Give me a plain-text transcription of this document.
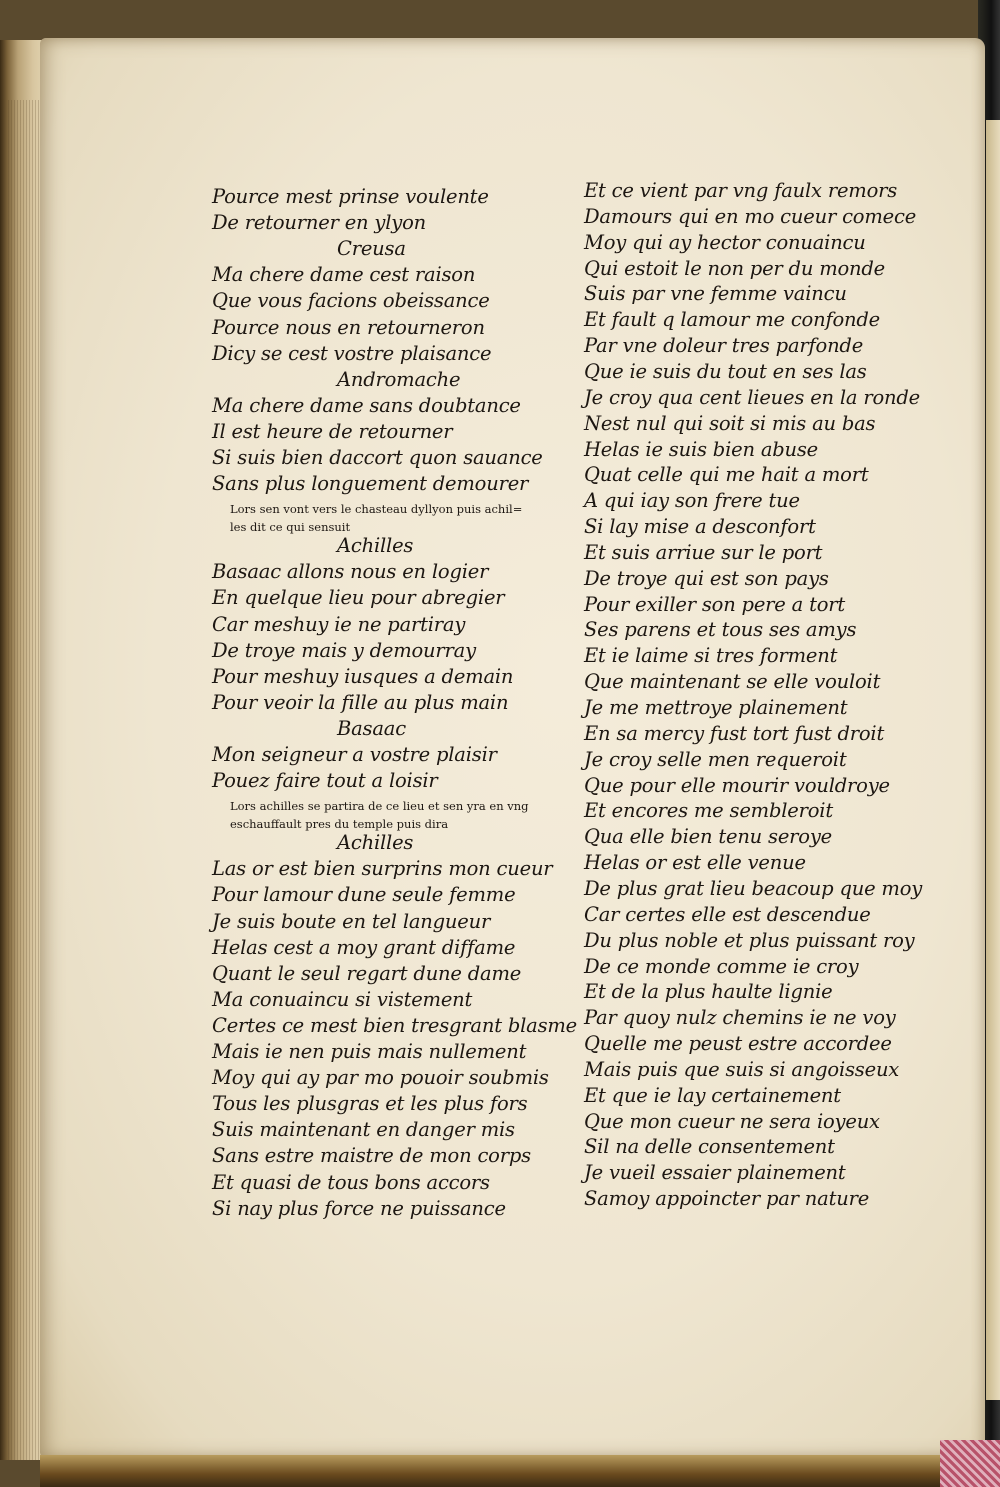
Pource mest prinse voulente
De retourner en ylyon
Creusa
Ma chere dame cest raison
Que vous facions obeissance
Pource nous en retourneron
Dicy se cest vostre plaisance
Andromache
Ma chere dame sans doubtance
Il est heure de retourner
Si suis bien daccort quon sauance
Sans plus longuement demourer
Lors sen vont vers le chasteau dyllyon puis achil=
les dit ce qui sensuit
Achilles
Basaac allons nous en logier
En quelque lieu pour abregier
Car meshuy ie ne partiray
De troye mais y demourray
Pour meshuy iusques a demain
Pour veoir la fille au plus main
Basaac
Mon seigneur a vostre plaisir
Pouez faire tout a loisir
Lors achilles se partira de ce lieu et sen yra en vng
eschauffault pres du temple puis dira
Achilles
Las or est bien surprins mon cueur
Pour lamour dune seule femme
Je suis boute en tel langueur
Helas cest a moy grant diffame
Quant le seul regart dune dame
Ma conuaincu si vistement
Certes ce mest bien tresgrant blasme
Mais ie nen puis mais nullement
Moy qui ay par mo pouoir soubmis
Tous les plusgras et les plus fors
Suis maintenant en danger mis
Sans estre maistre de mon corps
Et quasi de tous bons accors
Si nay plus force ne puissance
Et ce vient par vng faulx remors
Damours qui en mo cueur comece
Moy qui ay hector conuaincu
Qui estoit le non per du monde
Suis par vne femme vaincu
Et fault q lamour me confonde
Par vne doleur tres parfonde
Que ie suis du tout en ses las
Je croy qua cent lieues en la ronde
Nest nul qui soit si mis au bas
Helas ie suis bien abuse
Quat celle qui me hait a mort
A qui iay son frere tue
Si lay mise a desconfort
Et suis arriue sur le port
De troye qui est son pays
Pour exiller son pere a tort
Ses parens et tous ses amys
Et ie laime si tres forment
Que maintenant se elle vouloit
Je me mettroye plainement
En sa mercy fust tort fust droit
Je croy selle men requeroit
Que pour elle mourir vouldroye
Et encores me sembleroit
Qua elle bien tenu seroye
Helas or est elle venue
De plus grat lieu beacoup que moy
Car certes elle est descendue
Du plus noble et plus puissant roy
De ce monde comme ie croy
Et de la plus haulte lignie
Par quoy nulz chemins ie ne voy
Quelle me peust estre accordee
Mais puis que suis si angoisseux
Et que ie lay certainement
Que mon cueur ne sera ioyeux
Sil na delle consentement
Je vueil essaier plainement
Samoy appoincter par nature
